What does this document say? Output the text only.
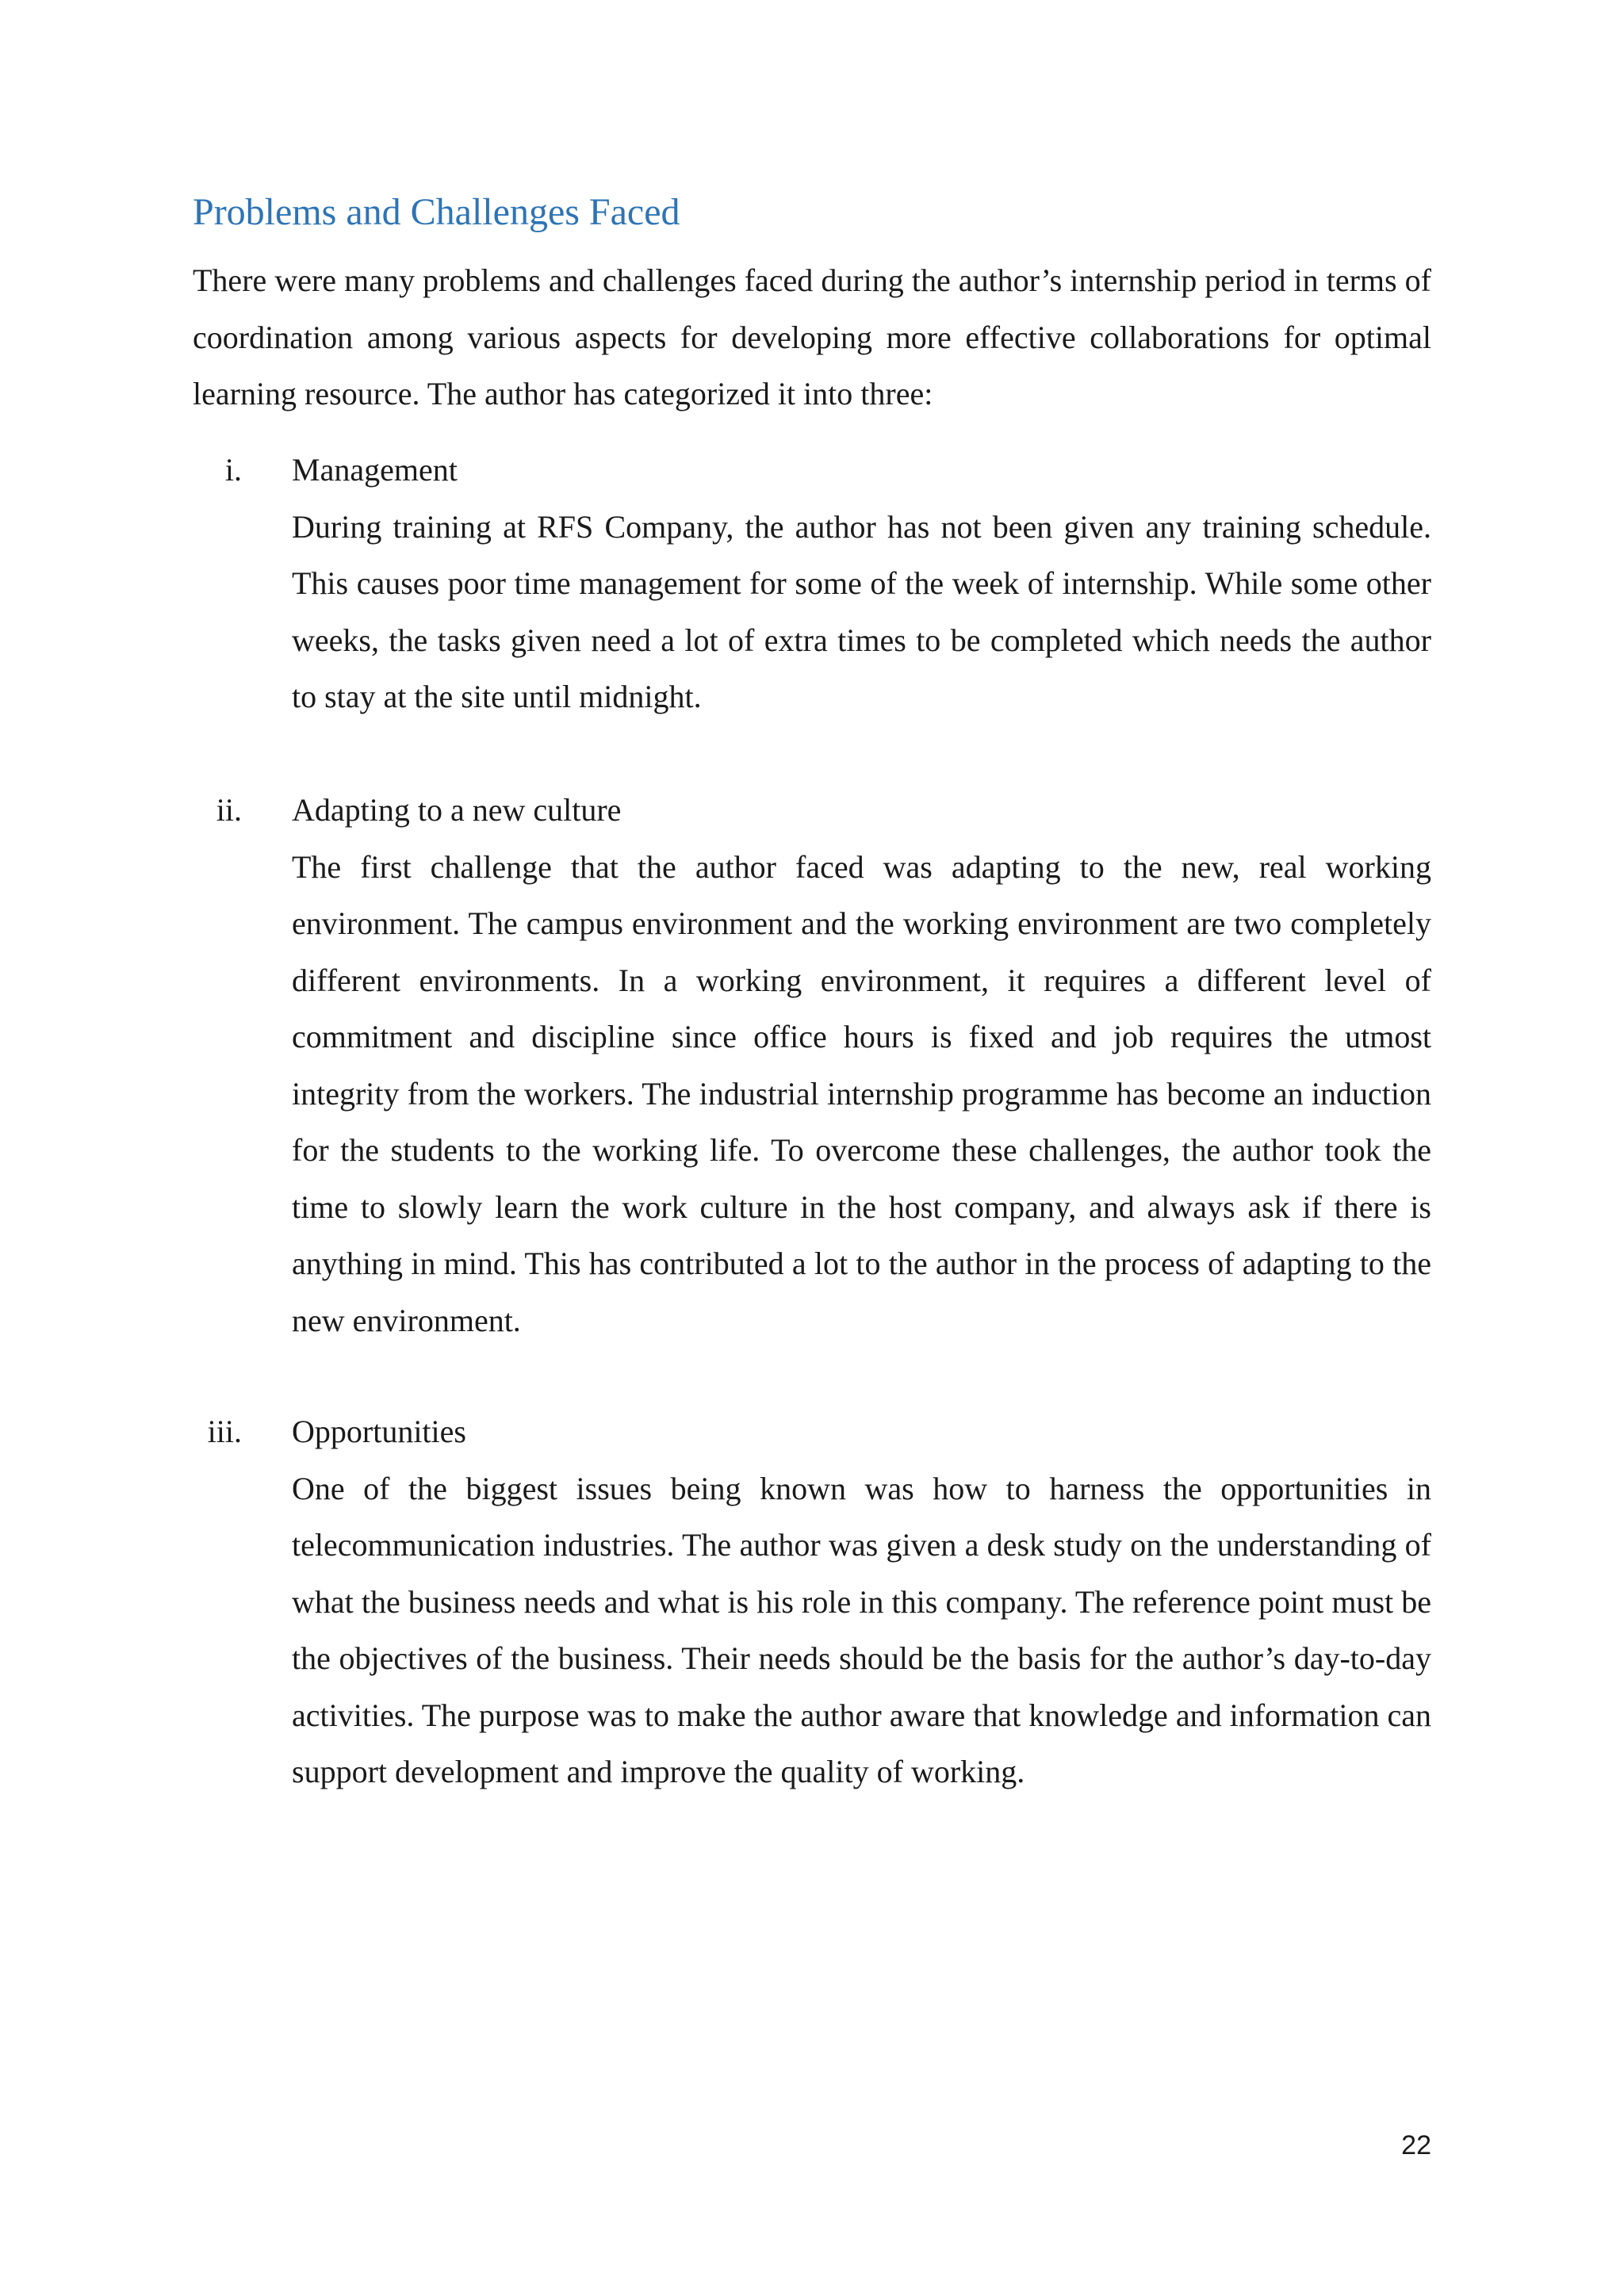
Problems and Challenges Faced

There were many problems and challenges faced during the author’s internship period in terms of coordination among various aspects for developing more effective collaborations for optimal learning resource. The author has categorized it into three:

i. Management

During training at RFS Company, the author has not been given any training schedule. This causes poor time management for some of the week of internship. While some other weeks, the tasks given need a lot of extra times to be completed which needs the author to stay at the site until midnight.

ii. Adapting to a new culture

The first challenge that the author faced was adapting to the new, real working environment. The campus environment and the working environment are two completely different environments. In a working environment, it requires a different level of commitment and discipline since office hours is fixed and job requires the utmost integrity from the workers. The industrial internship programme has become an induction for the students to the working life. To overcome these challenges, the author took the time to slowly learn the work culture in the host company, and always ask if there is anything in mind. This has contributed a lot to the author in the process of adapting to the new environment.

iii. Opportunities

One of the biggest issues being known was how to harness the opportunities in telecommunication industries. The author was given a desk study on the understanding of what the business needs and what is his role in this company. The reference point must be the objectives of the business. Their needs should be the basis for the author’s day-to-day activities. The purpose was to make the author aware that knowledge and information can support development and improve the quality of working.

22
